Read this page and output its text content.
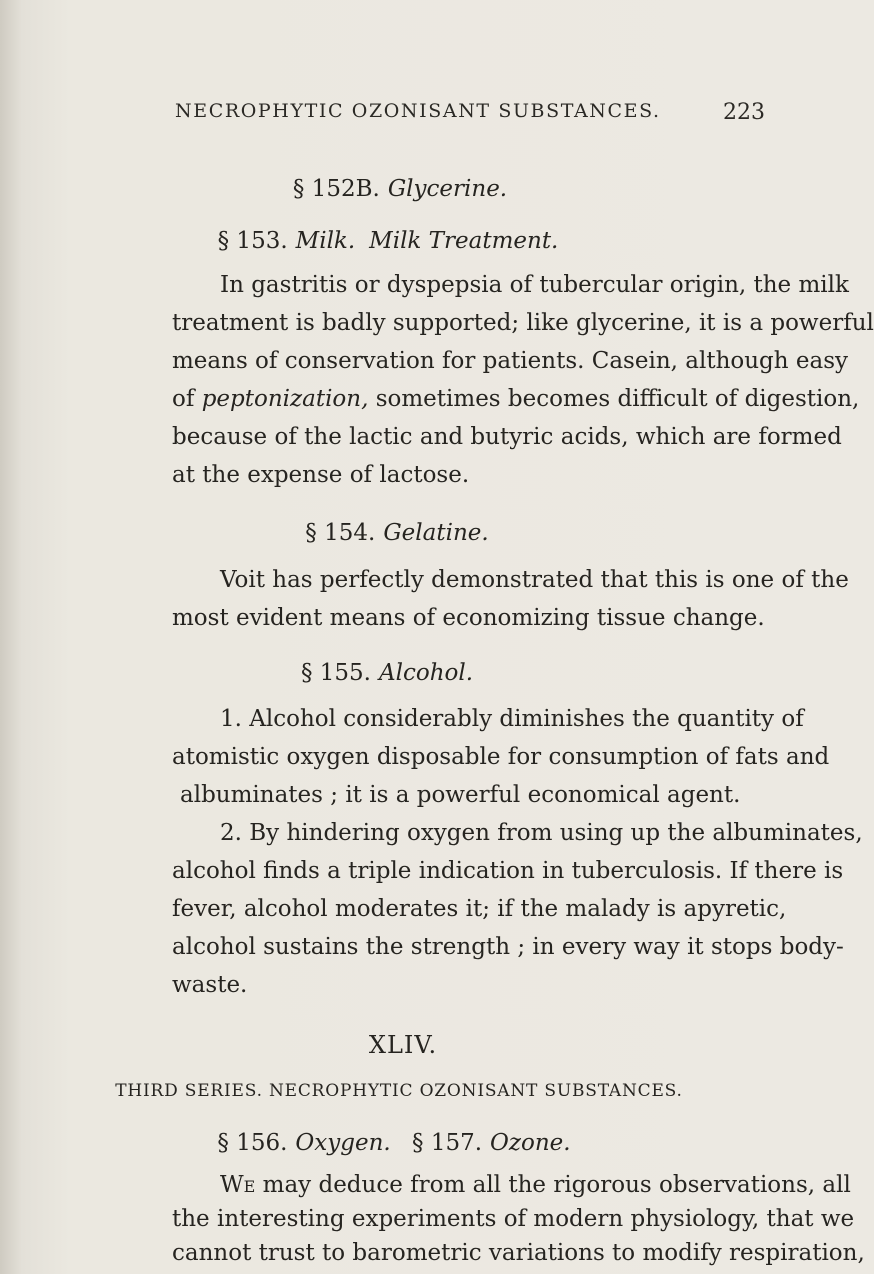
NECROPHYTIC OZONISANT SUBSTANCES.	223
§ 152B. Glycerine.
§ 153. Milk. Milk Treatment.
In gastritis or dyspepsia of tubercular origin, the milk
treatment is badly supported; like glycerine, it is a powerful
means of conservation for patients. Casein, although easy
of peptonization, sometimes becomes difficult of digestion,
because of the lactic and butyric acids, which are formed
at the expense of lactose.
§ 154. Gelatine.
Voit has perfectly demonstrated that this is one of the
most evident means of economizing tissue change.
§ 155. Alcohol.
1. Alcohol considerably diminishes the quantity of
atomistic oxygen disposable for consumption of fats and
albuminates ; it is a powerful economical agent.
2. By hindering oxygen from using up the albuminates,
alcohol finds a triple indication in tuberculosis. If there is
fever, alcohol moderates it; if the malady is apyretic,
alcohol sustains the strength ; in every way it stops body-
waste.
XLIV.
THIRD SERIES. NECROPHYTIC OZONISANT SUBSTANCES.
§ 156. Oxygen. § 157. Ozone.
We may deduce from all the rigorous observations, all
the interesting experiments of modern physiology, that we
cannot trust to barometric variations to modify respiration,
